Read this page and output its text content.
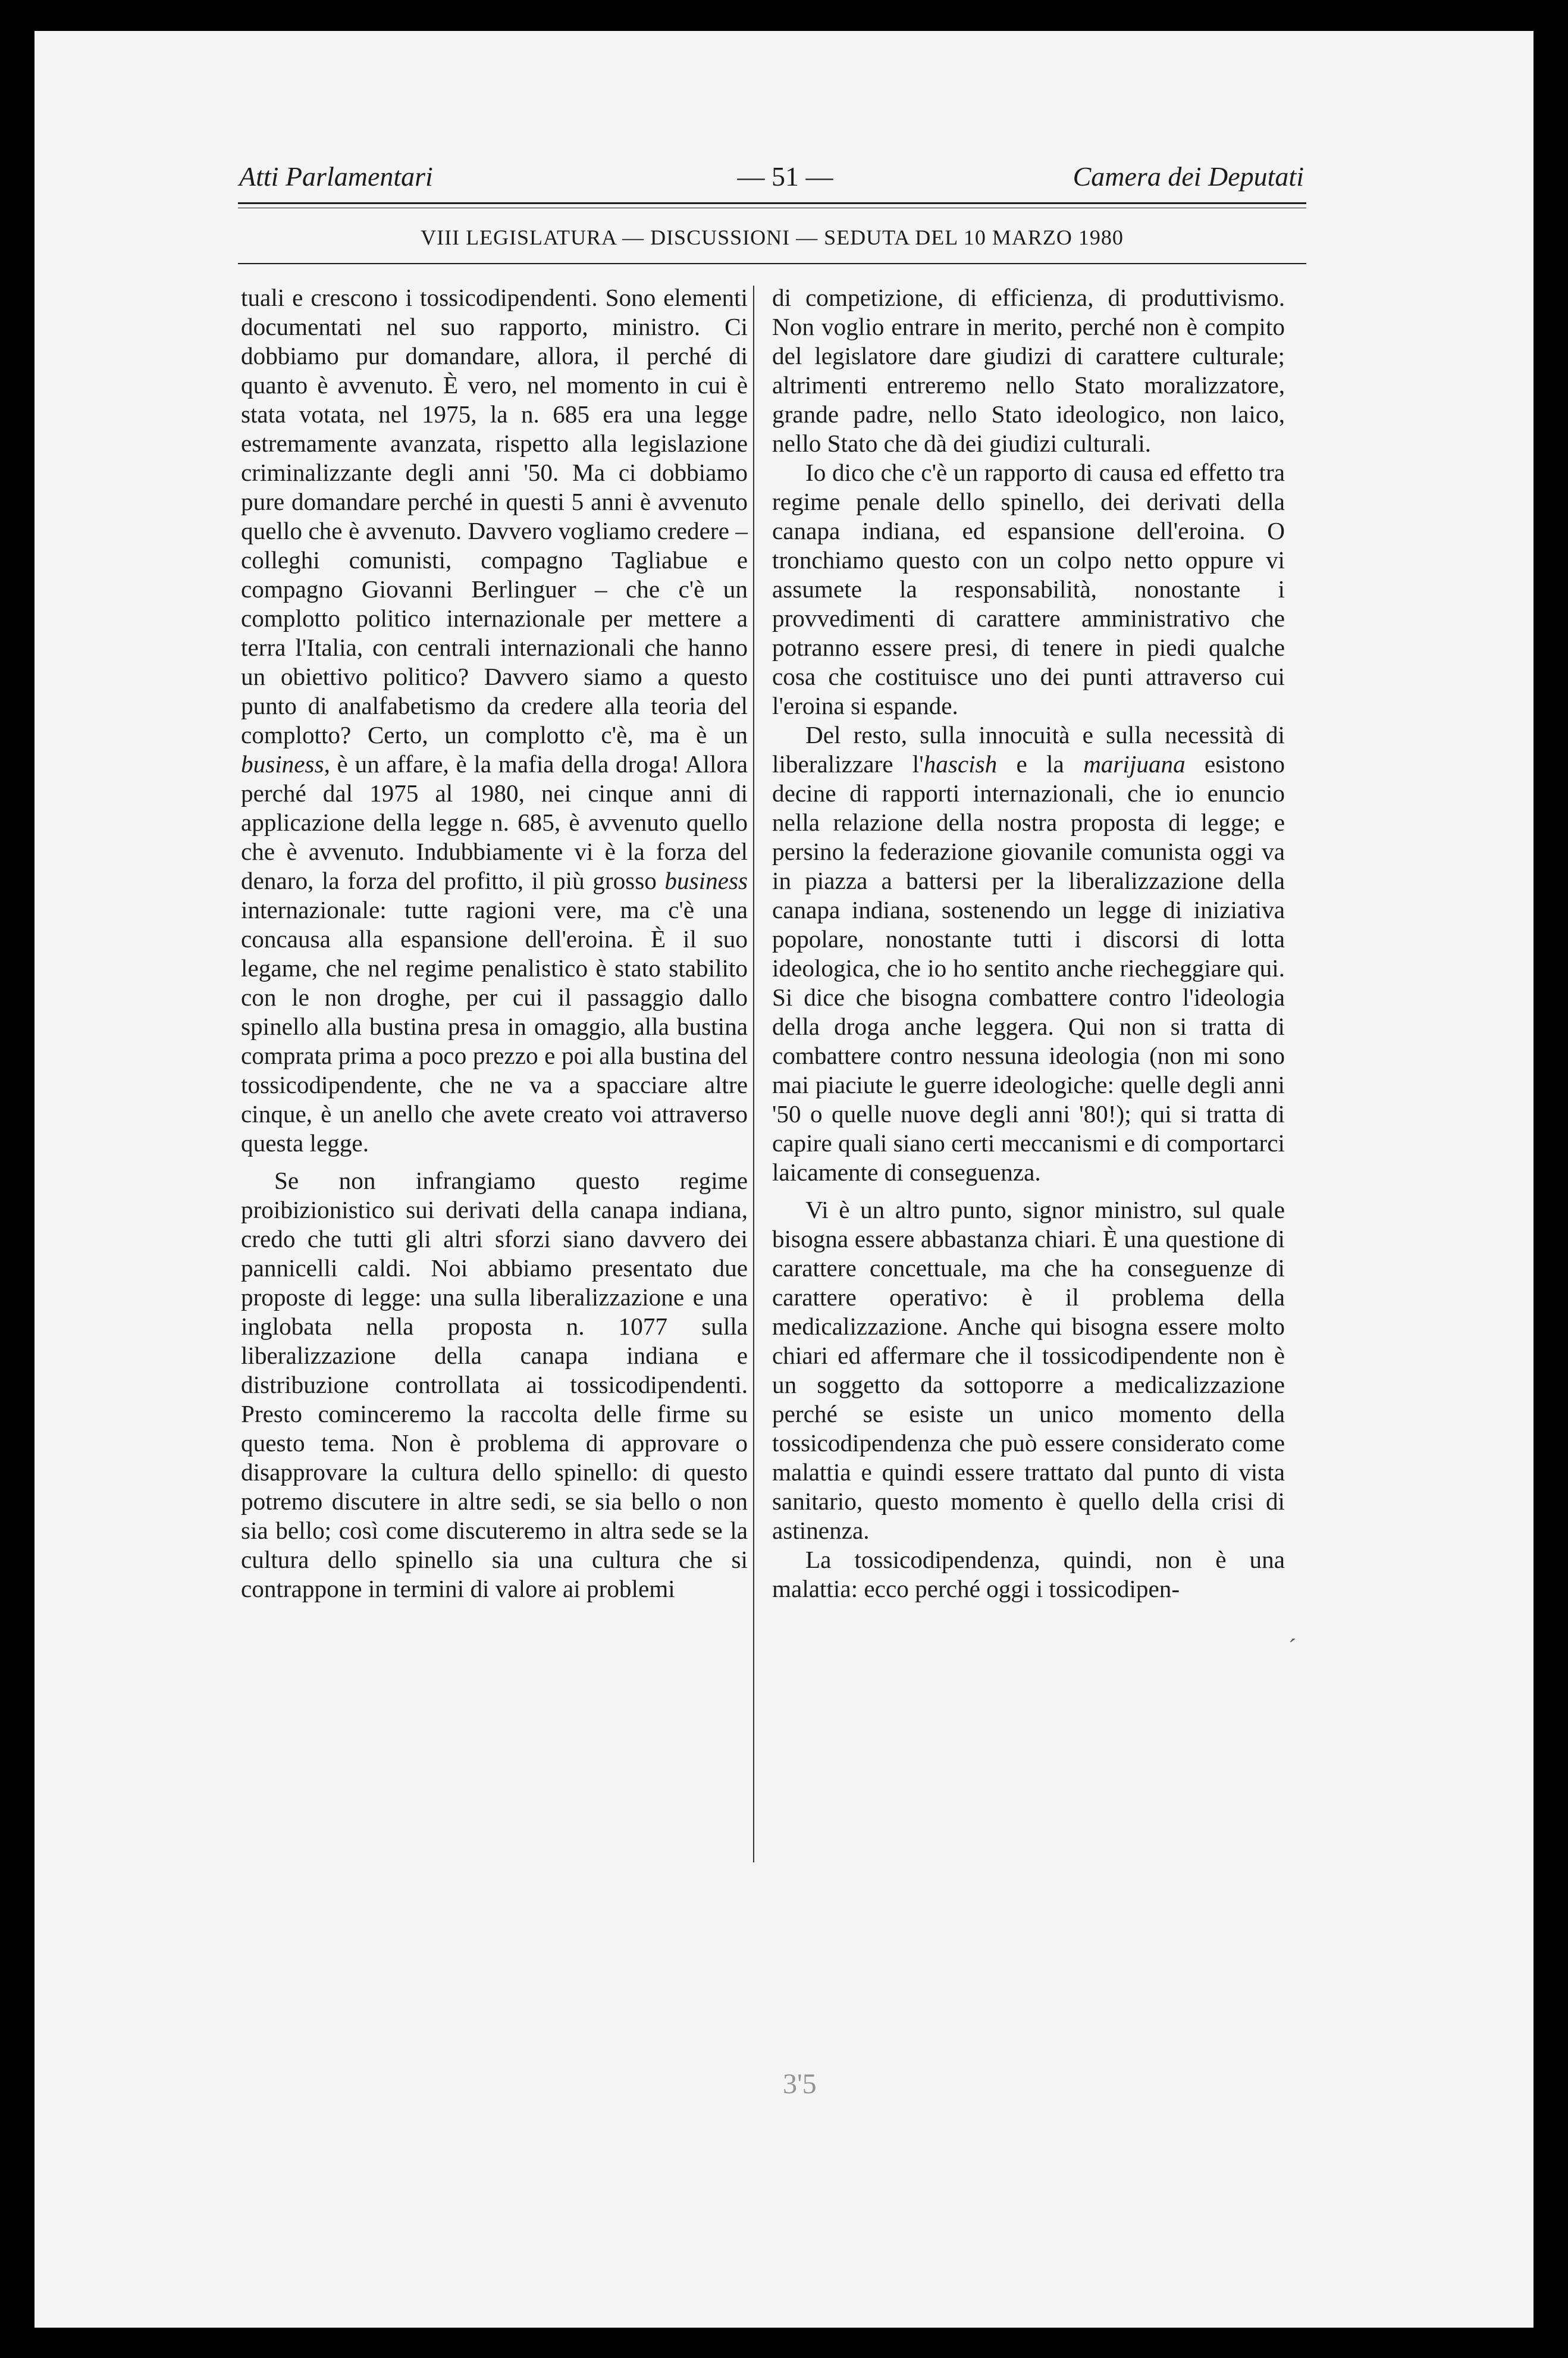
Atti Parlamentari	— 51 —	Camera dei Deputati
VIII LEGISLATURA — DISCUSSIONI — SEDUTA DEL 10 MARZO 1980

tuali e crescono i tossicodipendenti. Sono elementi documentati nel suo rapporto, ministro. Ci dobbiamo pur domandare, allora, il perché di quanto è avvenuto. È vero, nel momento in cui è stata votata, nel 1975, la n. 685 era una legge estremamente avanzata, rispetto alla legislazione criminalizzante degli anni '50. Ma ci dobbiamo pure domandare perché in questi 5 anni è avvenuto quello che è avvenuto. Davvero vogliamo credere – colleghi comunisti, compagno Tagliabue e compagno Giovanni Berlinguer – che c'è un complotto politico internazionale per mettere a terra l'Italia, con centrali internazionali che hanno un obiettivo politico? Davvero siamo a questo punto di analfabetismo da credere alla teoria del complotto? Certo, un complotto c'è, ma è un business, è un affare, è la mafia della droga! Allora perché dal 1975 al 1980, nei cinque anni di applicazione della legge n. 685, è avvenuto quello che è avvenuto. Indubbiamente vi è la forza del denaro, la forza del profitto, il più grosso business internazionale: tutte ragioni vere, ma c'è una concausa alla espansione dell'eroina. È il suo legame, che nel regime penalistico è stato stabilito con le non droghe, per cui il passaggio dallo spinello alla bustina presa in omaggio, alla bustina comprata prima a poco prezzo e poi alla bustina del tossicodipendente, che ne va a spacciare altre cinque, è un anello che avete creato voi attraverso questa legge.

Se non infrangiamo questo regime proibizionistico sui derivati della canapa indiana, credo che tutti gli altri sforzi siano davvero dei pannicelli caldi. Noi abbiamo presentato due proposte di legge: una sulla liberalizzazione e una inglobata nella proposta n. 1077 sulla liberalizzazione della canapa indiana e distribuzione controllata ai tossicodipendenti. Presto cominceremo la raccolta delle firme su questo tema. Non è problema di approvare o disapprovare la cultura dello spinello: di questo potremo discutere in altre sedi, se sia bello o non sia bello; così come discuteremo in altra sede se la cultura dello spinello sia una cultura che si contrappone in termini di valore ai problemi

di competizione, di efficienza, di produttivismo. Non voglio entrare in merito, perché non è compito del legislatore dare giudizi di carattere culturale; altrimenti entreremo nello Stato moralizzatore, grande padre, nello Stato ideologico, non laico, nello Stato che dà dei giudizi culturali.

Io dico che c'è un rapporto di causa ed effetto tra regime penale dello spinello, dei derivati della canapa indiana, ed espansione dell'eroina. O tronchiamo questo con un colpo netto oppure vi assumete la responsabilità, nonostante i provvedimenti di carattere amministrativo che potranno essere presi, di tenere in piedi qualche cosa che costituisce uno dei punti attraverso cui l'eroina si espande.

Del resto, sulla innocuità e sulla necessità di liberalizzare l'hascish e la marijuana esistono decine di rapporti internazionali, che io enuncio nella relazione della nostra proposta di legge; e persino la federazione giovanile comunista oggi va in piazza a battersi per la liberalizzazione della canapa indiana, sostenendo un legge di iniziativa popolare, nonostante tutti i discorsi di lotta ideologica, che io ho sentito anche riecheggiare qui. Si dice che bisogna combattere contro l'ideologia della droga anche leggera. Qui non si tratta di combattere contro nessuna ideologia (non mi sono mai piaciute le guerre ideologiche: quelle degli anni '50 o quelle nuove degli anni '80!); qui si tratta di capire quali siano certi meccanismi e di comportarci laicamente di conseguenza.

Vi è un altro punto, signor ministro, sul quale bisogna essere abbastanza chiari. È una questione di carattere concettuale, ma che ha conseguenze di carattere operativo: è il problema della medicalizzazione. Anche qui bisogna essere molto chiari ed affermare che il tossicodipendente non è un soggetto da sottoporre a medicalizzazione perché se esiste un unico momento della tossicodipendenza che può essere considerato come malattia e quindi essere trattato dal punto di vista sanitario, questo momento è quello della crisi di astinenza.

La tossicodipendenza, quindi, non è una malattia: ecco perché oggi i tossicodipen-

3'5
´
